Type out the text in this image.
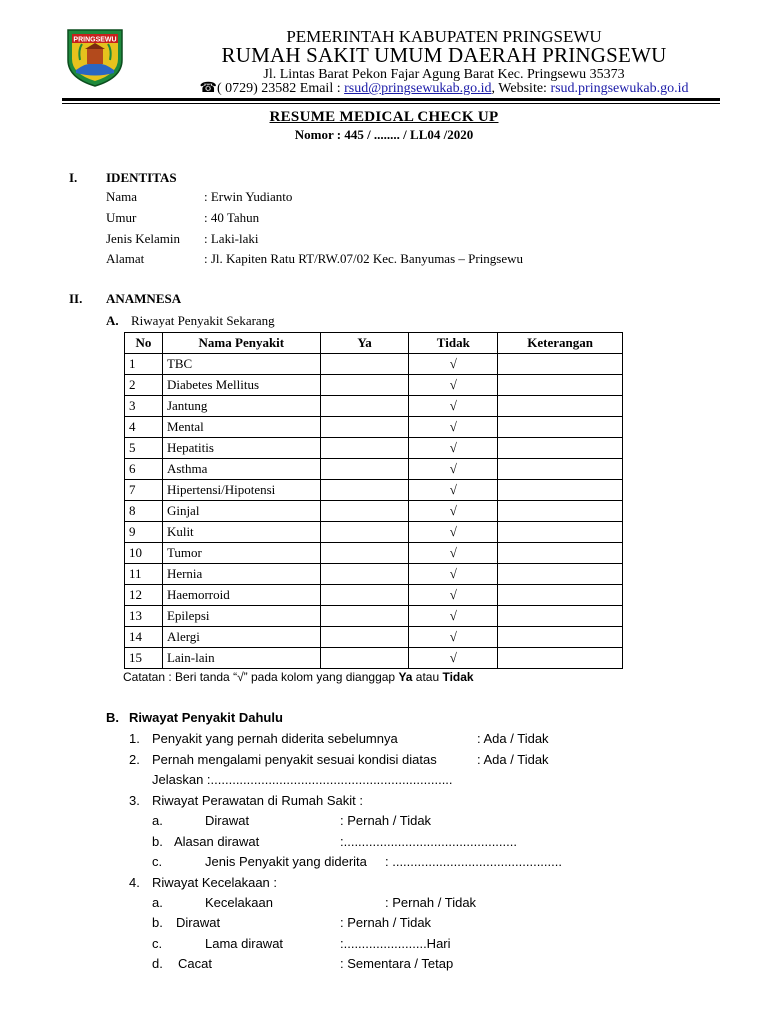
PRINGSEWU	PEMERINTAH KABUPATEN PRINGSEWU
RUMAH SAKIT UMUM DAERAH PRINGSEWU
Jl. Lintas Barat Pekon Fajar Agung Barat Kec. Pringsewu 35373
☎( 0729) 23582 Email : rsud@pringsewukab.go.id, Website: rsud.pringsewukab.go.id
RESUME MEDICAL CHECK UP
Nomor : 445 / ........ / LL04 /2020
I. IDENTITAS
Nama	: Erwin Yudianto
Umur	: 40 Tahun
Jenis Kelamin : Laki-laki
Alamat	: Jl. Kapiten Ratu RT/RW.07/02 Kec. Banyumas – Pringsewu
II. ANAMNESA
A. Riwayat Penyakit Sekarang
No	Nama Penyakit	Ya	Tidak	Keterangan
1	TBC		√	
2	Diabetes Mellitus		√	
3	Jantung		√	
4	Mental		√	
5	Hepatitis		√	
6	Asthma		√	
7	Hipertensi/Hipotensi		√	
8	Ginjal		√	
9	Kulit		√	
10	Tumor		√	
11	Hernia		√	
12	Haemorroid		√	
13	Epilepsi		√	
14	Alergi		√	
15	Lain-lain		√	
Catatan : Beri tanda “√” pada kolom yang dianggap Ya atau Tidak
B. Riwayat Penyakit Dahulu
1. Penyakit yang pernah diderita sebelumnya	: Ada / Tidak
2. Pernah mengalami penyakit sesuai kondisi diatas	: Ada / Tidak
Jelaskan :...................................................................
3. Riwayat Perawatan di Rumah Sakit :
a.	Dirawat	: Pernah / Tidak
b. Alasan dirawat	:................................................
c.	Jenis Penyakit yang diderita : ...............................................
4. Riwayat Kecelakaan :
a.	Kecelakaan	: Pernah / Tidak
b. Dirawat	: Pernah / Tidak
c.	Lama dirawat	:.......................Hari
d. Cacat	: Sementara / Tetap
